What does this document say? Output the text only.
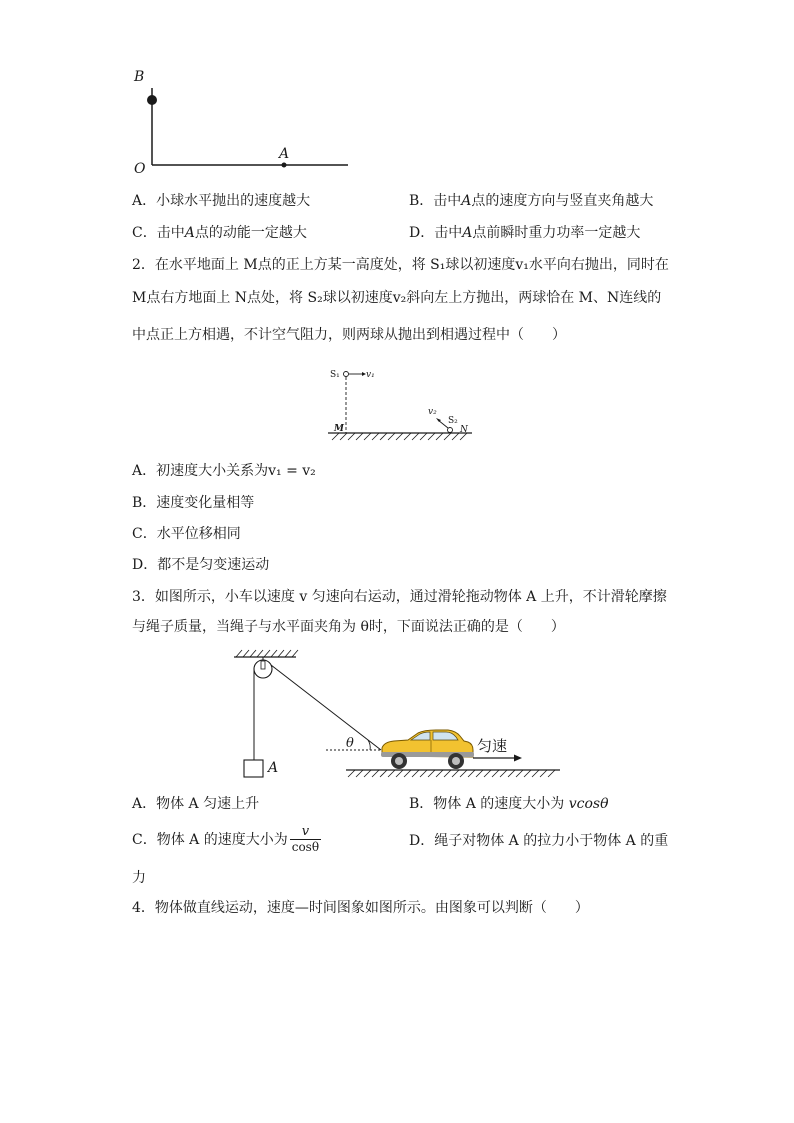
B
O
A
A．小球水平抛出的速度越大	B．击中A点的速度方向与竖直夹角越大
C．击中A点的动能一定越大	D．击中A点前瞬时重力功率一定越大
2．在水平地面上 M点的正上方某一高度处，将 S₁球以初速度v₁水平向右抛出，同时在
M点右方地面上 N点处，将 S₂球以初速度v₂斜向左上方抛出，两球恰在 M、N连线的
中点正上方相遇，不计空气阻力，则两球从抛出到相遇过程中（　　）
S₁	v₁
v₂
S₂
M	N
A．初速度大小关系为v₁ = v₂
B．速度变化量相等
C．水平位移相同
D．都不是匀变速运动
3．如图所示，小车以速度 v 匀速向右运动，通过滑轮拖动物体 A 上升，不计滑轮摩擦
与绳子质量，当绳子与水平面夹角为 θ时，下面说法正确的是（　　）
A
θ	匀速
A．物体 A 匀速上升	B．物体 A 的速度大小为 vcosθ
C．物体 A 的速度大小为 $\frac{v}{\cos\theta}$	D．绳子对物体 A 的拉力小于物体 A 的重
力
4．物体做直线运动，速度—时间图象如图所示。由图象可以判断（　　）
